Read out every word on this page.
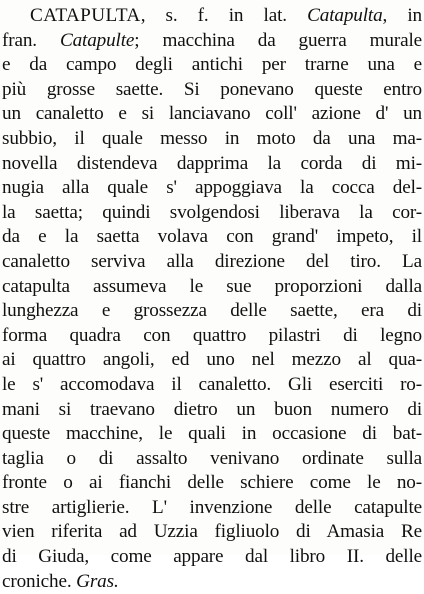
CATAPULTA, s. f. in lat. Catapulta, in
fran. Catapulte; macchina da guerra murale
e da campo degli antichi per trarne una e
più grosse saette. Si ponevano queste entro
un canaletto e si lanciavano coll' azione d' un
subbio, il quale messo in moto da una ma-
novella distendeva dapprima la corda di mi-
nugia alla quale s' appoggiava la cocca del-
la saetta; quindi svolgendosi liberava la cor-
da e la saetta volava con grand' impeto, il
canaletto serviva alla direzione del tiro. La
catapulta assumeva le sue proporzioni dalla
lunghezza e grossezza delle saette, era di
forma quadra con quattro pilastri di legno
ai quattro angoli, ed uno nel mezzo al qua-
le s' accomodava il canaletto. Gli eserciti ro-
mani si traevano dietro un buon numero di
queste macchine, le quali in occasione di bat-
taglia o di assalto venivano ordinate sulla
fronte o ai fianchi delle schiere come le no-
stre artiglierie. L' invenzione delle catapulte
vien riferita ad Uzzia figliuolo di Amasia Re
di Giuda, come appare dal libro II. delle
croniche. Gras.
